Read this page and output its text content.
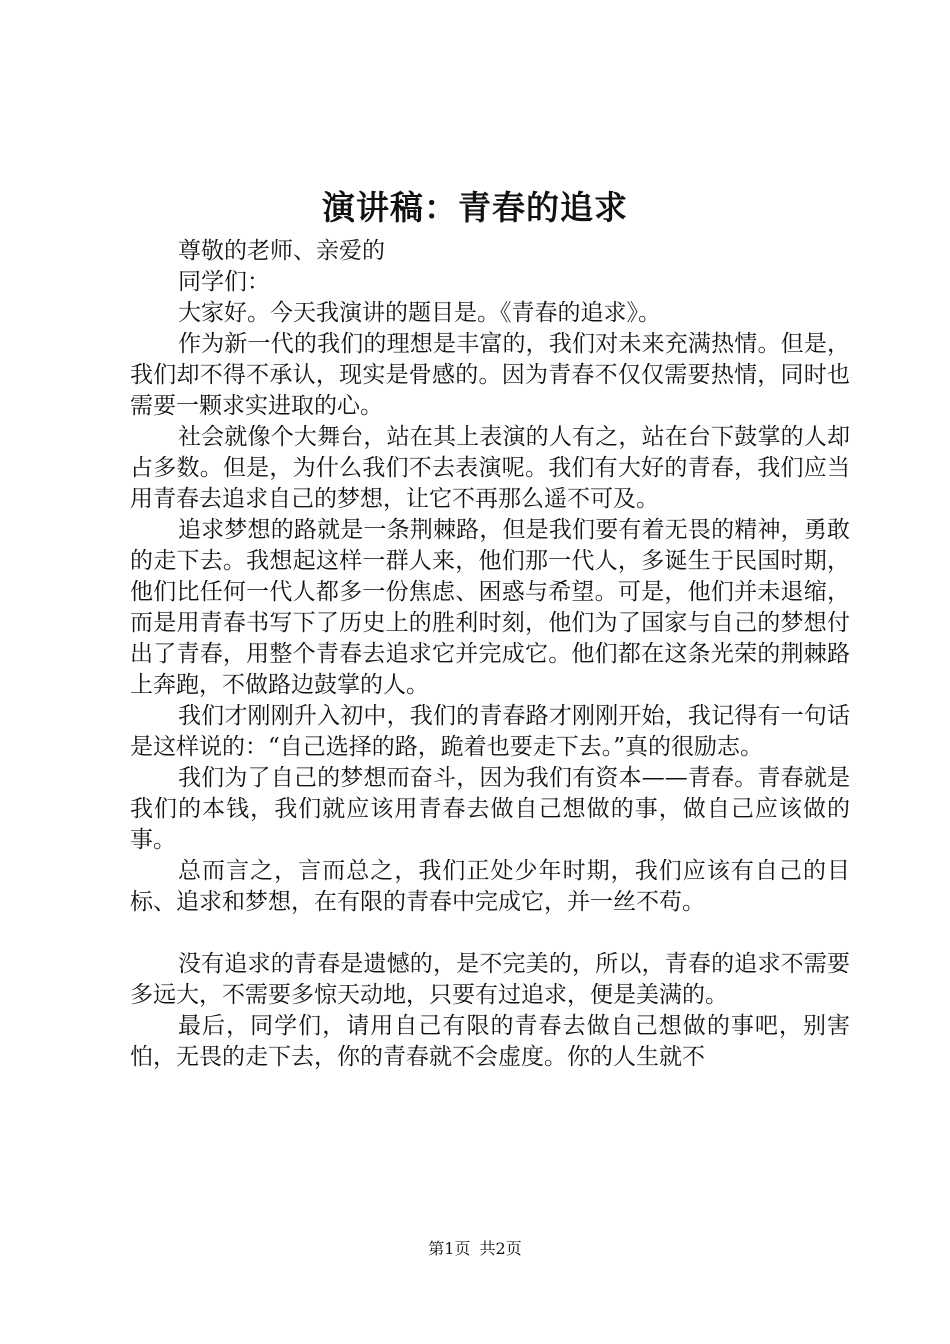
演讲稿：青春的追求

尊敬的老师、亲爱的

同学们：

大家好。今天我演讲的题目是。《青春的追求》。

作为新一代的我们的理想是丰富的，我们对未来充满热情。但是，我们却不得不承认，现实是骨感的。因为青春不仅仅需要热情，同时也需要一颗求实进取的心。

社会就像个大舞台，站在其上表演的人有之，站在台下鼓掌的人却占多数。但是，为什么我们不去表演呢。我们有大好的青春，我们应当用青春去追求自己的梦想，让它不再那么遥不可及。

追求梦想的路就是一条荆棘路，但是我们要有着无畏的精神，勇敢的走下去。我想起这样一群人来，他们那一代人，多诞生于民国时期，他们比任何一代人都多一份焦虑、困惑与希望。可是，他们并未退缩，而是用青春书写下了历史上的胜利时刻，他们为了国家与自己的梦想付出了青春，用整个青春去追求它并完成它。他们都在这条光荣的荆棘路上奔跑，不做路边鼓掌的人。

我们才刚刚升入初中，我们的青春路才刚刚开始，我记得有一句话是这样说的：“自己选择的路，跪着也要走下去。”真的很励志。

我们为了自己的梦想而奋斗，因为我们有资本——青春。青春就是我们的本钱，我们就应该用青春去做自己想做的事，做自己应该做的事。

总而言之，言而总之，我们正处少年时期，我们应该有自己的目标、追求和梦想，在有限的青春中完成它，并一丝不苟。

没有追求的青春是遗憾的，是不完美的，所以，青春的追求不需要多远大，不需要多惊天动地，只要有过追求，便是美满的。

最后，同学们，请用自己有限的青春去做自己想做的事吧，别害怕，无畏的走下去，你的青春就不会虚度。你的人生就不

第1页 共2页
